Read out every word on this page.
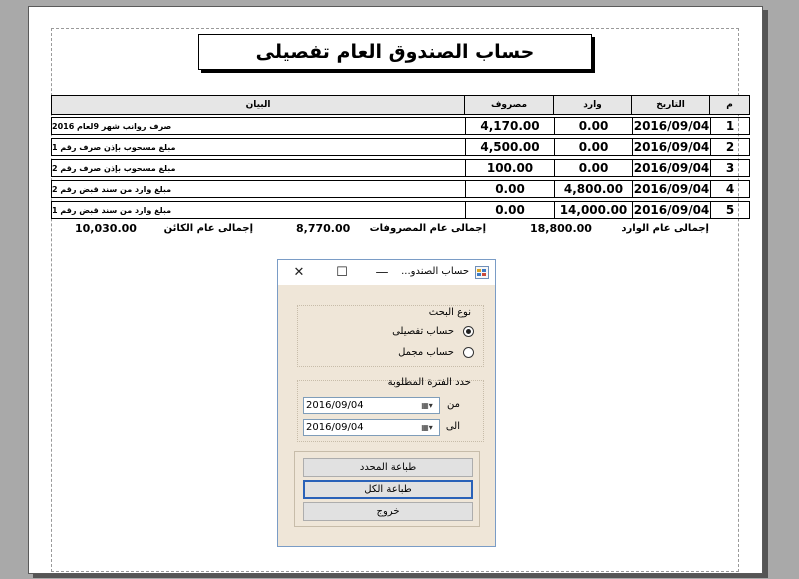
حساب الصندوق العام تفصيلى
البيان	مصروف	وارد	التاريخ	م
صرف روانب شهر 9لعام 2016	4,170.00	0.00	2016/09/04	1
مبلغ مسحوب بإذن صرف رقم 1	4,500.00	0.00	2016/09/04	2
مبلغ مسحوب بإذن صرف رقم 2	100.00	0.00	2016/09/04	3
مبلغ وارد من سند قبض رقم 2	0.00	4,800.00 2016/09/04	4
مبلغ وارد من سند قبض رقم 1	0.00	14,000.00 2016/09/04	5
إجمالى عام الوارد
18,800.00
إجمالى عام المصروفات
8,770.00
إجمالى عام الكائن
10,030.00
حساب الصندو...
—
☐
✕
نوع البحث
حساب تفصيلى
حساب مجمل
حدد الفترة المطلوبة
من
2016/09/04	▦▾
الى
2016/09/04	▦▾
طباعة المحدد
طباعة الكل
خروج
